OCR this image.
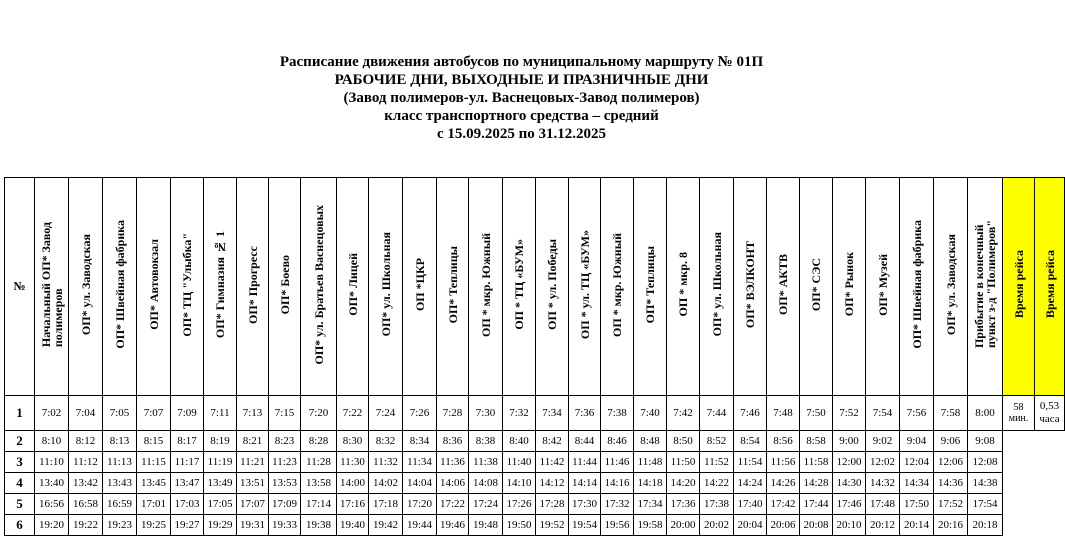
Расписание движения автобусов по муниципальному маршруту № 01П
РАБОЧИЕ ДНИ, ВЫХОДНЫЕ И ПРАЗНИЧНЫЕ ДНИ
(Завод полимеров-ул. Васнецовых-Завод полимеров)
класс транспортного средства – средний
с 15.09.2025 по 31.12.2025
№	Начальный ОП* Завод
полимеров	ОП* ул. Заводская	ОП* Швейная фабрика	ОП* Автовокзал	ОП* ТЦ "Улыбка"	ОП* Гимназия № 1	ОП* Прогресс	ОП* Боево	ОП* ул. Братьев Васнецовых	ОП* Лицей	ОП* ул. Школьная	ОП *ЦКР	ОП* Теплицы	ОП * мкр. Южный	ОП * ТЦ «БУМ»	ОП * ул. Победы	ОП * ул. ТЦ «БУМ»	ОП * мкр. Южный	ОП* Теплицы	ОП * мкр. 8	ОП* ул. Школьная	ОП* ВЭЛКОНТ	ОП* АКТВ	ОП* СЭС	ОП* Рынок	ОП* Музей	ОП* Швейная фабрика	ОП* ул. Заводская	Прибытие в конечный
пункт з-д "Полимеров"	Время рейса	Время рейса
1	7:02	7:04	7:05	7:07	7:09	7:11	7:13	7:15	7:20	7:22	7:24	7:26	7:28	7:30	7:32	7:34	7:36	7:38	7:40	7:42	7:44	7:46	7:48	7:50	7:52	7:54	7:56	7:58	8:00	58
мин.	0,53
часа
2	8:10	8:12	8:13	8:15	8:17	8:19	8:21	8:23	8:28	8:30	8:32	8:34	8:36	8:38	8:40	8:42	8:44	8:46	8:48	8:50	8:52	8:54	8:56	8:58	9:00	9:02	9:04	9:06	9:08		
3	11:10	11:12	11:13	11:15	11:17	11:19	11:21	11:23	11:28	11:30	11:32	11:34	11:36	11:38	11:40	11:42	11:44	11:46	11:48	11:50	11:52	11:54	11:56	11:58	12:00	12:02	12:04	12:06	12:08		
4	13:40	13:42	13:43	13:45	13:47	13:49	13:51	13:53	13:58	14:00	14:02	14:04	14:06	14:08	14:10	14:12	14:14	14:16	14:18	14:20	14:22	14:24	14:26	14:28	14:30	14:32	14:34	14:36	14:38		
5	16:56	16:58	16:59	17:01	17:03	17:05	17:07	17:09	17:14	17:16	17:18	17:20	17:22	17:24	17:26	17:28	17:30	17:32	17:34	17:36	17:38	17:40	17:42	17:44	17:46	17:48	17:50	17:52	17:54		
6	19:20	19:22	19:23	19:25	19:27	19:29	19:31	19:33	19:38	19:40	19:42	19:44	19:46	19:48	19:50	19:52	19:54	19:56	19:58	20:00	20:02	20:04	20:06	20:08	20:10	20:12	20:14	20:16	20:18		
